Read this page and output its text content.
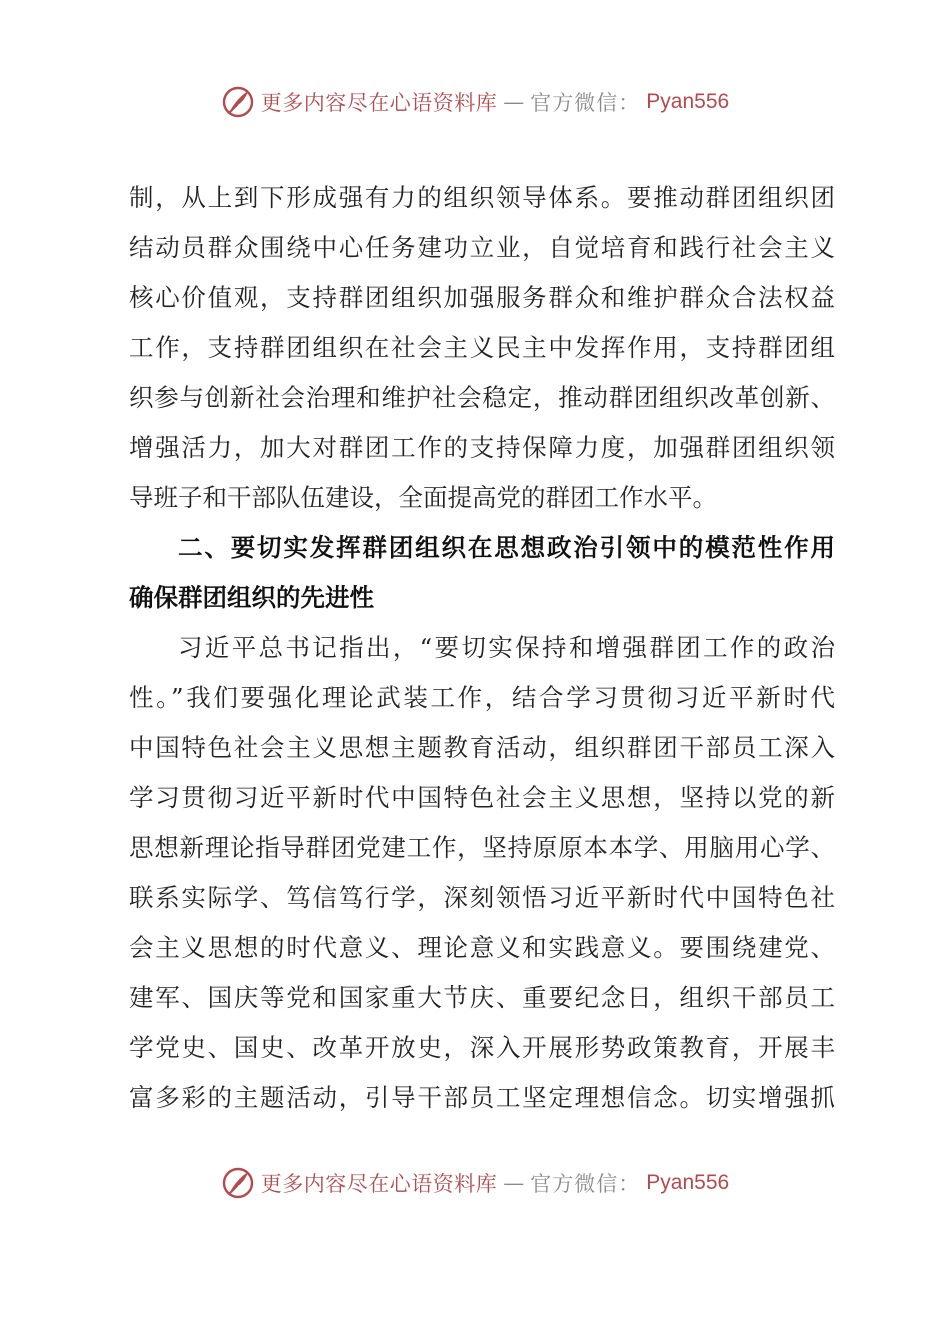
更多内容尽在心语资料库 — 官方微信： Pyan556
制，从上到下形成强有力的组织领导体系。要推动群团组织团
结动员群众围绕中心任务建功立业，自觉培育和践行社会主义
核心价值观，支持群团组织加强服务群众和维护群众合法权益
工作，支持群团组织在社会主义民主中发挥作用，支持群团组
织参与创新社会治理和维护社会稳定，推动群团组织改革创新、
增强活力，加大对群团工作的支持保障力度，加强群团组织领
导班子和干部队伍建设，全面提高党的群团工作水平。
二、要切实发挥群团组织在思想政治引领中的模范性作用
确保群团组织的先进性
习近平总书记指出，“要切实保持和增强群团工作的政治
性。”我们要强化理论武装工作，结合学习贯彻习近平新时代
中国特色社会主义思想主题教育活动，组织群团干部员工深入
学习贯彻习近平新时代中国特色社会主义思想，坚持以党的新
思想新理论指导群团党建工作，坚持原原本本学、用脑用心学、
联系实际学、笃信笃行学，深刻领悟习近平新时代中国特色社
会主义思想的时代意义、理论意义和实践意义。要围绕建党、
建军、国庆等党和国家重大节庆、重要纪念日，组织干部员工
学党史、国史、改革开放史，深入开展形势政策教育，开展丰
富多彩的主题活动，引导干部员工坚定理想信念。切实增强抓
更多内容尽在心语资料库 — 官方微信： Pyan556
